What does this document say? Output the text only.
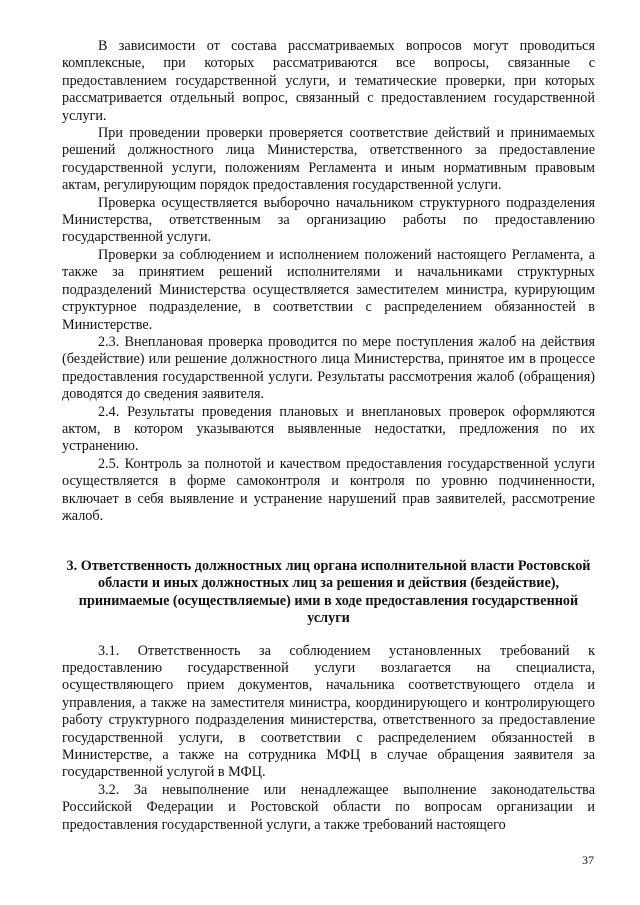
В зависимости от состава рассматриваемых вопросов могут проводиться комплексные, при которых рассматриваются все вопросы, связанные с предоставлением государственной услуги, и тематические проверки, при которых рассматривается отдельный вопрос, связанный с предоставлением государственной услуги.

При проведении проверки проверяется соответствие действий и принимаемых решений должностного лица Министерства, ответственного за предоставление государственной услуги, положениям Регламента и иным нормативным правовым актам, регулирующим порядок предоставления государственной услуги.

Проверка осуществляется выборочно начальником структурного подразделения Министерства, ответственным за организацию работы по предоставлению государственной услуги.

Проверки за соблюдением и исполнением положений настоящего Регламента, а также за принятием решений исполнителями и начальниками структурных подразделений Министерства осуществляется заместителем министра, курирующим структурное подразделение, в соответствии с распределением обязанностей в Министерстве.

2.3. Внеплановая проверка проводится по мере поступления жалоб на действия (бездействие) или решение должностного лица Министерства, принятое им в процессе предоставления государственной услуги. Результаты рассмотрения жалоб (обращения) доводятся до сведения заявителя.

2.4. Результаты проведения плановых и внеплановых проверок оформляются актом, в котором указываются выявленные недостатки, предложения по их устранению.

2.5. Контроль за полнотой и качеством предоставления государственной услуги осуществляется в форме самоконтроля и контроля по уровню подчиненности, включает в себя выявление и устранение нарушений прав заявителей, рассмотрение жалоб.

3. Ответственность должностных лиц органа исполнительной власти Ростовской области и иных должностных лиц за решения и действия (бездействие), принимаемые (осуществляемые) ими в ходе предоставления государственной услуги

3.1. Ответственность за соблюдением установленных требований к предоставлению государственной услуги возлагается на специалиста, осуществляющего прием документов, начальника соответствующего отдела и управления, а также на заместителя министра, координирующего и контролирующего работу структурного подразделения министерства, ответственного за предоставление государственной услуги, в соответствии с распределением обязанностей в Министерстве, а также на сотрудника МФЦ в случае обращения заявителя за государственной услугой в МФЦ.

3.2. За невыполнение или ненадлежащее выполнение законодательства Российской Федерации и Ростовской области по вопросам организации и предоставления государственной услуги, а также требований настоящего

37
